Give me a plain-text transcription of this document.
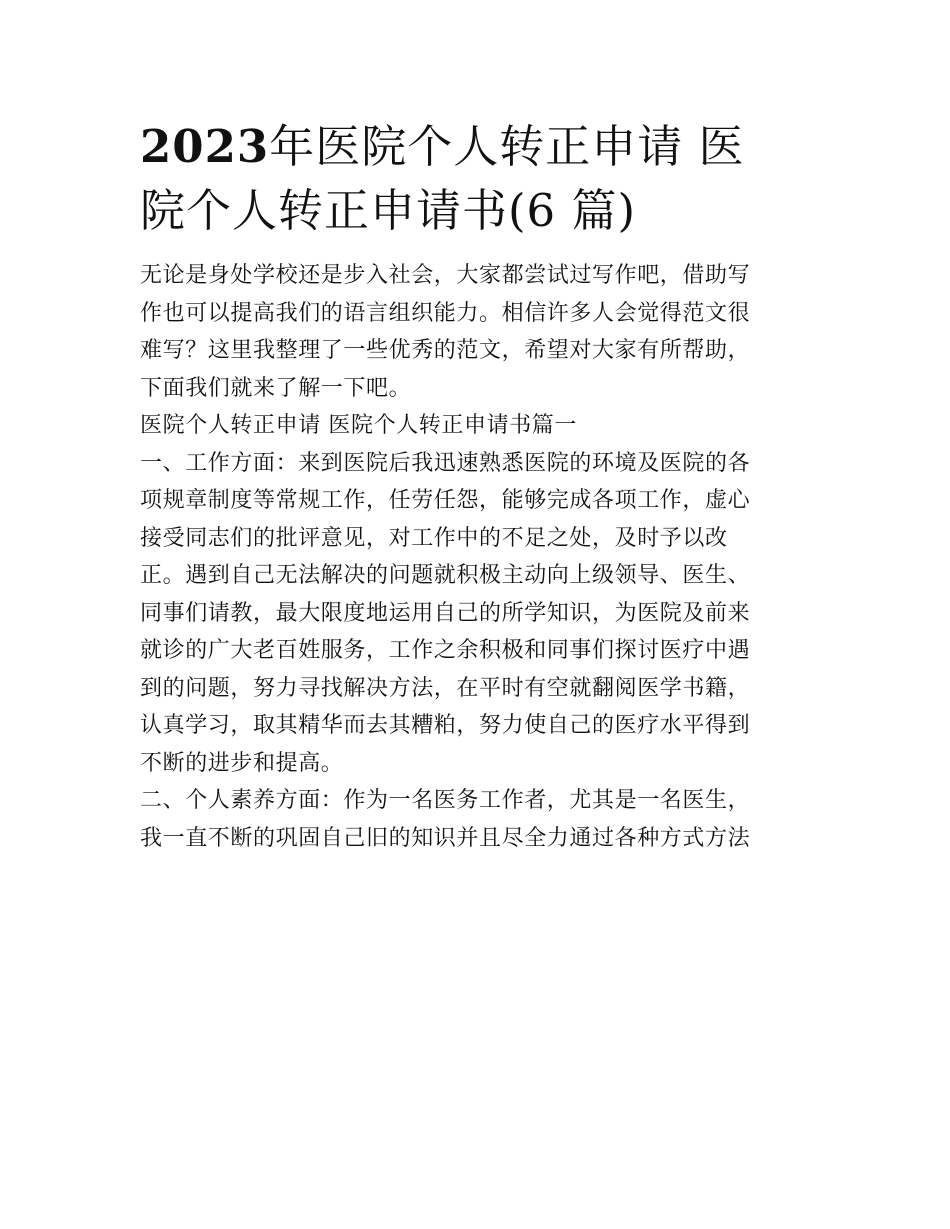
2023年医院个人转正申请 医
院个人转正申请书(6 篇)

无论是身处学校还是步入社会，大家都尝试过写作吧，借助写
作也可以提高我们的语言组织能力。相信许多人会觉得范文很
难写？这里我整理了一些优秀的范文，希望对大家有所帮助，
下面我们就来了解一下吧。

医院个人转正申请 医院个人转正申请书篇一

一、工作方面：来到医院后我迅速熟悉医院的环境及医院的各
项规章制度等常规工作，任劳任怨，能够完成各项工作，虚心
接受同志们的批评意见，对工作中的不足之处，及时予以改
正。遇到自己无法解决的问题就积极主动向上级领导、医生、
同事们请教，最大限度地运用自己的所学知识，为医院及前来
就诊的广大老百姓服务，工作之余积极和同事们探讨医疗中遇
到的问题，努力寻找解决方法，在平时有空就翻阅医学书籍，
认真学习，取其精华而去其糟粕，努力使自己的医疗水平得到
不断的进步和提高。

二、个人素养方面：作为一名医务工作者，尤其是一名医生，
我一直不断的巩固自己旧的知识并且尽全力通过各种方式方法
